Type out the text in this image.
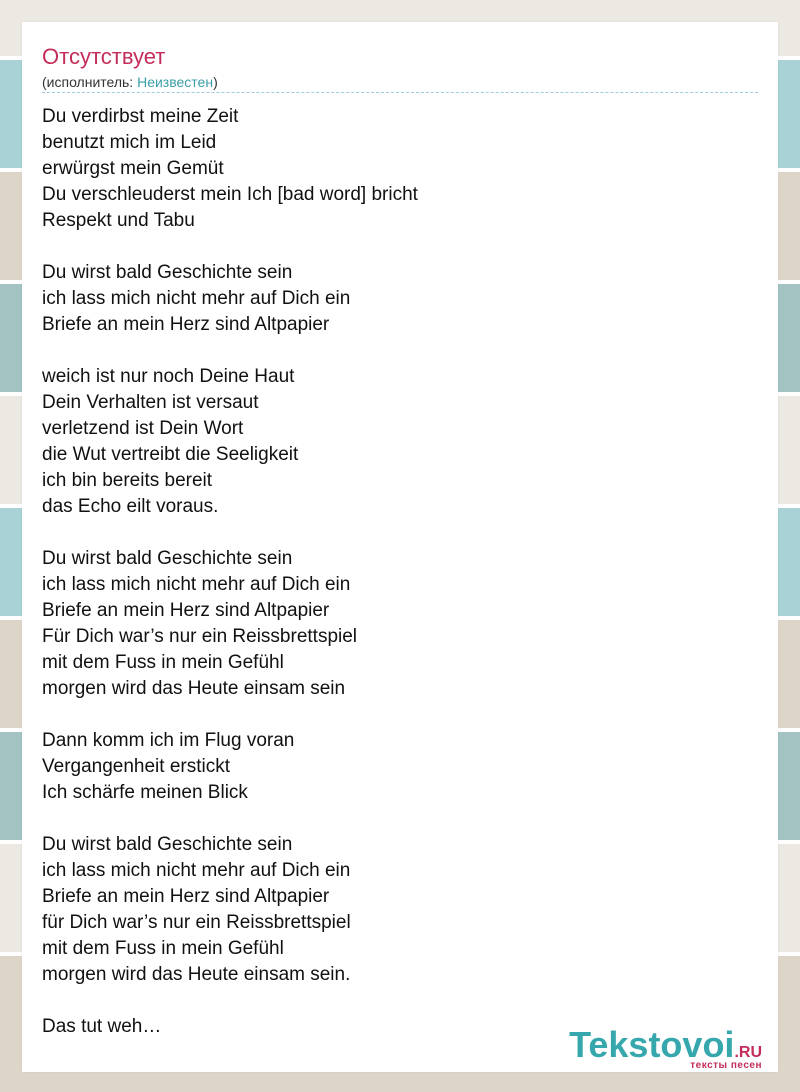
Отсутствует
(исполнитель: Неизвестен)
Du verdirbst meine Zeit
benutzt mich im Leid
erwürgst mein Gemüt
Du verschleuderst mein Ich [bad word] bricht
Respekt und Tabu
Du wirst bald Geschichte sein
ich lass mich nicht mehr auf Dich ein
Briefe an mein Herz sind Altpapier
weich ist nur noch Deine Haut
Dein Verhalten ist versaut
verletzend ist Dein Wort
die Wut vertreibt die Seeligkeit
ich bin bereits bereit
das Echo eilt voraus.
Du wirst bald Geschichte sein
ich lass mich nicht mehr auf Dich ein
Briefe an mein Herz sind Altpapier
Für Dich war’s nur ein Reissbrettspiel
mit dem Fuss in mein Gefühl
morgen wird das Heute einsam sein
Dann komm ich im Flug voran
Vergangenheit erstickt
Ich schärfe meinen Blick
Du wirst bald Geschichte sein
ich lass mich nicht mehr auf Dich ein
Briefe an mein Herz sind Altpapier
für Dich war’s nur ein Reissbrettspiel
mit dem Fuss in mein Gefühl
morgen wird das Heute einsam sein.
Das tut weh…	Tekstovoi.RU
тексты песен
